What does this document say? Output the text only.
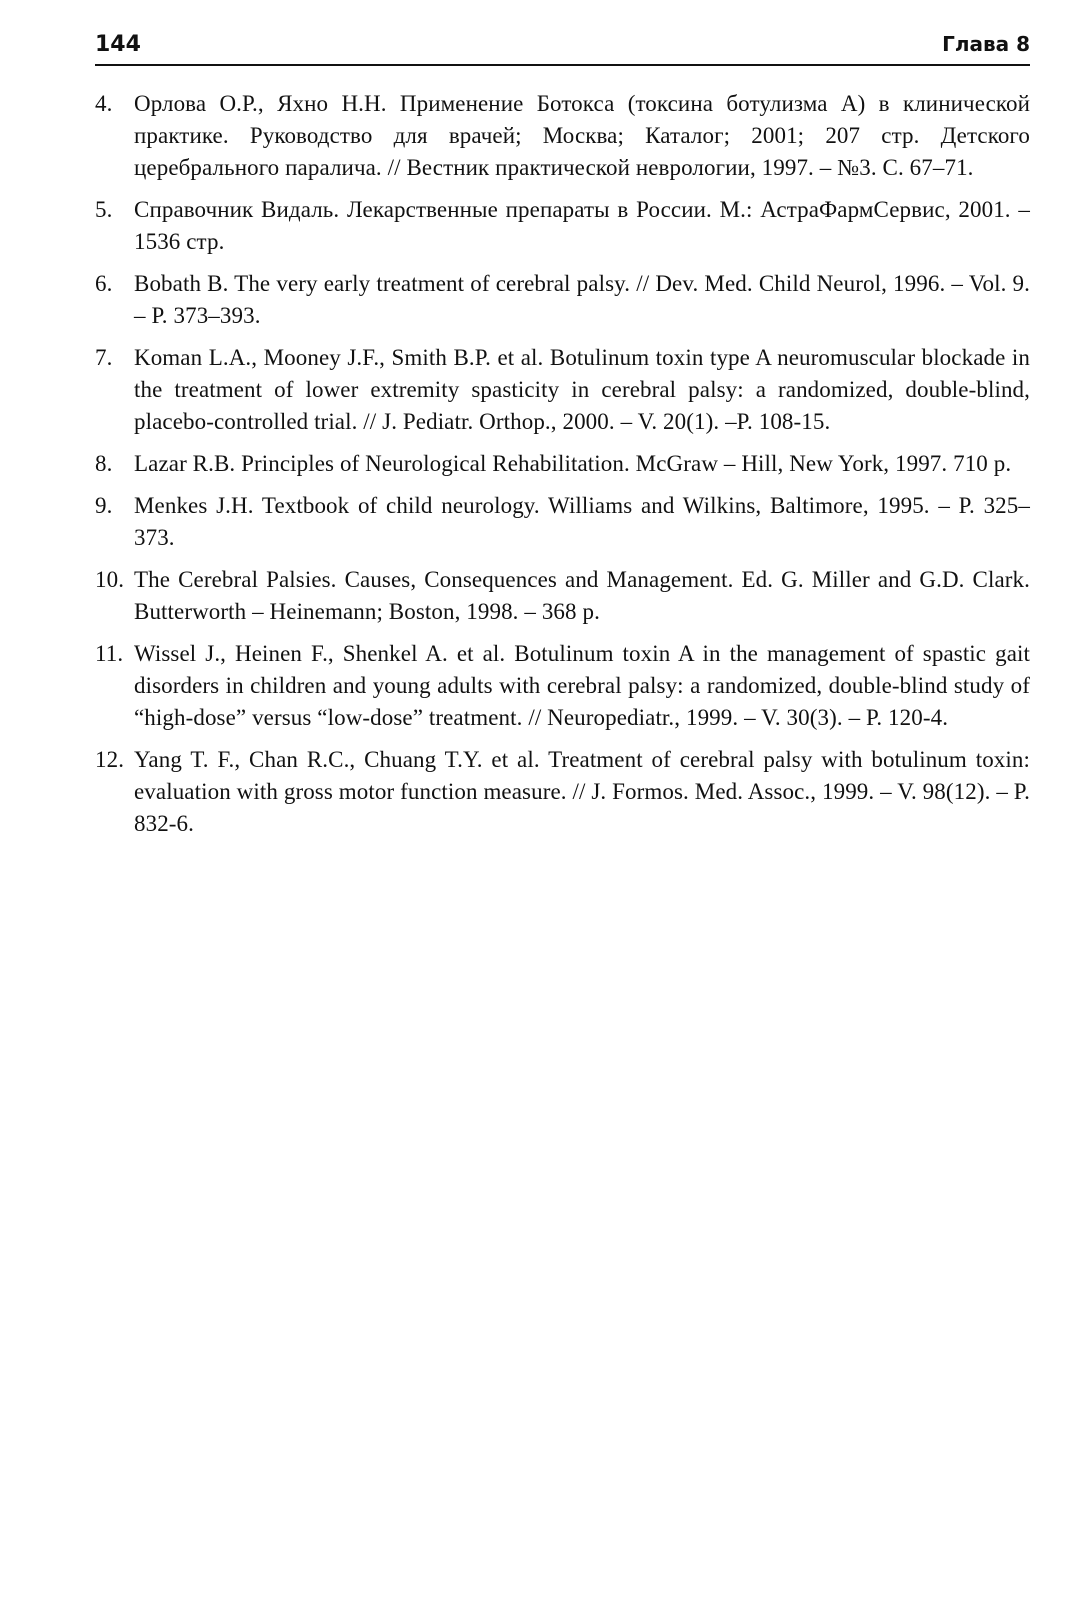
144	Глава 8
4. Орлова О.Р., Яхно Н.Н. Применение Ботокса (токсина ботулизма А) в клинической практике. Руководство для врачей; Москва; Каталог; 2001; 207 стр. Детского церебрального паралича. // Вестник практической неврологии, 1997. – №3. С. 67–71.
5. Справочник Видаль. Лекарственные препараты в России. М.: АстраФармСервис, 2001. – 1536 стр.
6. Bobath B. The very early treatment of cerebral palsy. // Dev. Med. Child Neurol, 1996. – Vol. 9. – P. 373–393.
7. Koman L.A., Mooney J.F., Smith B.P. et al. Botulinum toxin type A neuromuscular blockade in the treatment of lower extremity spasticity in cerebral palsy: a randomized, double-blind, placebo-controlled trial. // J. Pediatr. Orthop., 2000. – V. 20(1). –P. 108-15.
8. Lazar R.B. Principles of Neurological Rehabilitation. McGraw – Hill, New York, 1997. 710 p.
9. Menkes J.H. Textbook of child neurology. Williams and Wilkins, Baltimore, 1995. – P. 325–373.
10. The Cerebral Palsies. Causes, Consequences and Management. Ed. G. Miller and G.D. Clark. Butterworth – Heinemann; Boston, 1998. – 368 p.
11. Wissel J., Heinen F., Shenkel A. et al. Botulinum toxin A in the management of spastic gait disorders in children and young adults with cerebral palsy: a randomized, double-blind study of “high-dose” versus “low-dose” treatment. // Neuropediatr., 1999. – V. 30(3). – P. 120-4.
12. Yang T. F., Chan R.C., Chuang T.Y. et al. Treatment of cerebral palsy with botulinum toxin: evaluation with gross motor function measure. // J. Formos. Med. Assoc., 1999. – V. 98(12). – P. 832-6.
